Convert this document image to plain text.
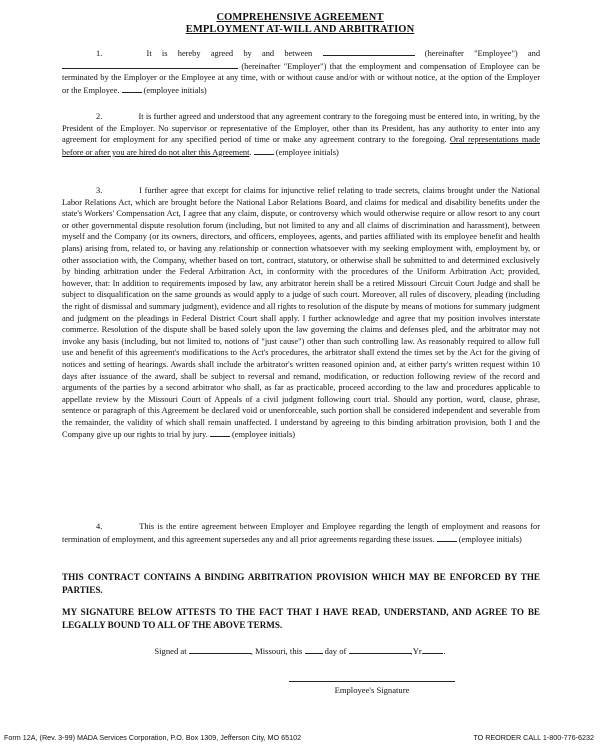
COMPREHENSIVE AGREEMENT
EMPLOYMENT AT-WILL AND ARBITRATION
1.	It is hereby agreed by and between	(hereinafter "Employee") and  (hereinafter "Employer") that the employment and compensation of Employee can be terminated by the Employer or the Employee at any time, with or without cause and/or with or without notice, at the option of the Employer or the Employee.	(employee initials)
2.	It is further agreed and understood that any agreement contrary to the foregoing must be entered into, in writing, by the President of the Employer. No supervisor or representative of the Employer, other than its President, has any authority to enter into any agreement for employment for any specified period of time or make any agreement contrary to the foregoing. Oral representations made before or after you are hired do not alter this Agreement.	(employee initials)
3.	I further agree that except for claims for injunctive relief relating to trade secrets, claims brought under the National Labor Relations Act, which are brought before the National Labor Relations Board, and claims for medical and disability benefits under the state's Workers' Compensation Act, I agree that any claim, dispute, or controversy which would otherwise require or allow resort to any court or other governmental dispute resolution forum (including, but not limited to any and all claims of discrimination and harassment), between myself and the Company (or its owners, directors, and officers, employees, agents, and parties affiliated with its employee benefit and health plans) arising from, related to, or having any relationship or connection whatsoever with my seeking employment with, employment by, or other association with, the Company, whether based on tort, contract, statutory, or otherwise shall be submitted to and determined exclusively by binding arbitration under the Federal Arbitration Act, in conformity with the procedures of the Uniform Arbitration Act; provided, however, that: In addition to requirements imposed by law, any arbitrator herein shall be a retired Missouri Circuit Court Judge and shall be subject to disqualification on the same grounds as would apply to a judge of such court. Moreover, all rules of discovery, pleading (including the right of dismissal and summary judgment), evidence and all rights to resolution of the dispute by means of motions for summary judgment and judgment on the pleadings in Federal District Court shall apply. I further acknowledge and agree that my position involves interstate commerce. Resolution of the dispute shall be based solely upon the law governing the claims and defenses pled, and the arbitrator may not invoke any basis (including, but not limited to, notions of "just cause") other than such controlling law. As reasonably required to allow full use and benefit of this agreement's modifications to the Act's procedures, the arbitrator shall extend the times set by the Act for the giving of notices and setting of hearings. Awards shall include the arbitrator's written reasoned opinion and, at either party's written request within 10 days after issuance of the award, shall be subject to reversal and remand, modification, or reduction following review of the record and arguments of the parties by a second arbitrator who shall, as far as practicable, proceed according to the law and procedures applicable to appellate review by the Missouri Court of Appeals of a civil judgment following court trial. Should any portion, word, clause, phrase, sentence or paragraph of this Agreement be declared void or unenforceable, such portion shall be considered independent and severable from the remainder, the validity of which shall remain unaffected. I understand by agreeing to this binding arbitration provision, both I and the Company give up our rights to trial by jury.	(employee initials)
4.	This is the entire agreement between Employer and Employee regarding the length of employment and reasons for termination of employment, and this agreement supersedes any and all prior agreements regarding these issues.	(employee initials)
THIS CONTRACT CONTAINS A BINDING ARBITRATION PROVISION WHICH MAY BE ENFORCED BY THE PARTIES.
MY SIGNATURE BELOW ATTESTS TO THE FACT THAT I HAVE READ, UNDERSTAND, AND AGREE TO BE LEGALLY BOUND TO ALL OF THE ABOVE TERMS.
Signed at	, Missouri, this	day of	,Yr. .
Employee's Signature
Form 12A, (Rev. 3-99) MADA Services Corporation, P.O. Box 1309, Jefferson City, MO 65102	TO REORDER CALL 1-800-776-6232
